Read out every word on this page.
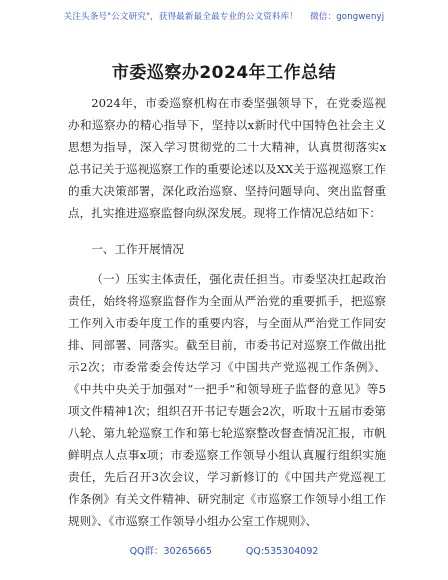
关注头条号"公文研究"，获得最新最全最专业的公文资料库！ 微信：gongwenyj
市委巡察办2024年工作总结

2024年，市委巡察机构在市委坚强领导下，在党委巡视办和巡察办的精心指导下，坚持以x新时代中国特色社会主义思想为指导，深入学习贯彻党的二十大精神，认真贯彻落实x总书记关于巡视巡察工作的重要论述以及XX关于巡视巡察工作的重大决策部署，深化政治巡察、坚持问题导向、突出监督重点，扎实推进巡察监督向纵深发展。现将工作情况总结如下：

一、工作开展情况

（一）压实主体责任，强化责任担当。市委坚决扛起政治责任，始终将巡察监督作为全面从严治党的重要抓手，把巡察工作列入市委年度工作的重要内容，与全面从严治党工作同安排、同部署、同落实。截至目前，市委书记对巡察工作做出批示2次；市委常委会传达学习《中国共产党巡视工作条例》、《中共中央关于加强对“一把手”和领导班子监督的意见》等5项文件精神1次；组织召开书记专题会2次，听取十五届市委第八轮、第九轮巡察工作和第七轮巡察整改督查情况汇报，市帆鲜明点人点事x项；市委巡察工作领导小组认真履行组织实施责任，先后召开3次会议，学习新修订的《中国共产党巡视工作条例》有关文件精神、研究制定《市巡察工作领导小组工作规则》、《市巡察工作领导小组办公室工作规则》、

QQ群：30265665	QQ:535304092
